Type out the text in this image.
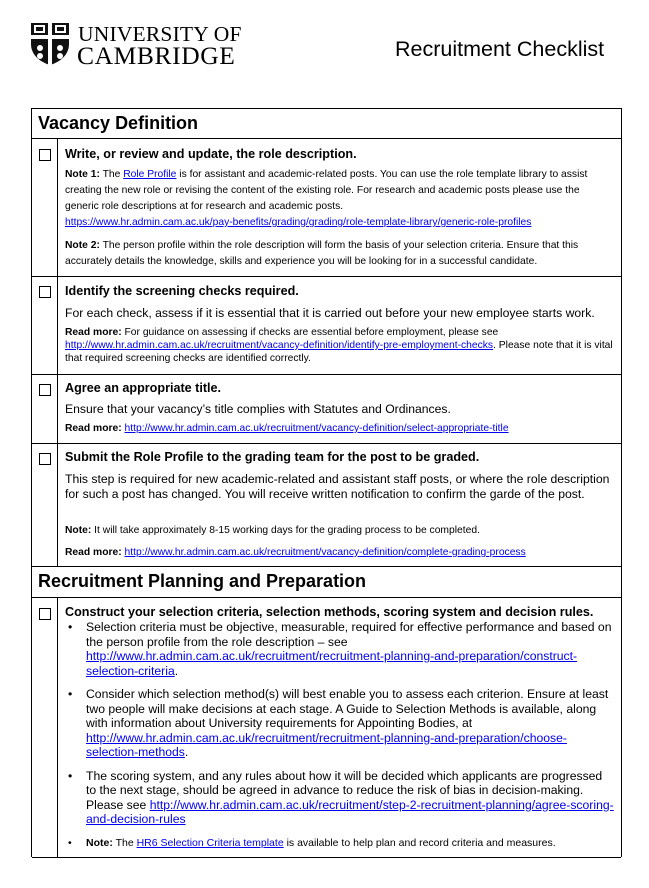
UNIVERSITY OF
CAMBRIDGE	Recruitment Checklist
Vacancy Definition
Write, or review and update, the role description.
Note 1: The Role Profile is for assistant and academic-related posts. You can use the role template library to assist creating the new role or revising the content of the existing role. For research and academic posts please use the generic role descriptions at for research and academic posts.
https://www.hr.admin.cam.ac.uk/pay-benefits/grading/grading/role-template-library/generic-role-profiles
Note 2: The person profile within the role description will form the basis of your selection criteria. Ensure that this accurately details the knowledge, skills and experience you will be looking for in a successful candidate.
Identify the screening checks required.
For each check, assess if it is essential that it is carried out before your new employee starts work.
Read more: For guidance on assessing if checks are essential before employment, please see http://www.hr.admin.cam.ac.uk/recruitment/vacancy-definition/identify-pre-employment-checks. Please note that it is vital that required screening checks are identified correctly.
Agree an appropriate title.
Ensure that your vacancy’s title complies with Statutes and Ordinances.
Read more: http://www.hr.admin.cam.ac.uk/recruitment/vacancy-definition/select-appropriate-title
Submit the Role Profile to the grading team for the post to be graded.
This step is required for new academic-related and assistant staff posts, or where the role description for such a post has changed. You will receive written notification to confirm the garde of the post.
Note: It will take approximately 8-15 working days for the grading process to be completed.
Read more: http://www.hr.admin.cam.ac.uk/recruitment/vacancy-definition/complete-grading-process
Recruitment Planning and Preparation
Construct your selection criteria, selection methods, scoring system and decision rules.
• Selection criteria must be objective, measurable, required for effective performance and based on the person profile from the role description – see http://www.hr.admin.cam.ac.uk/recruitment/recruitment-planning-and-preparation/construct-selection-criteria.
• Consider which selection method(s) will best enable you to assess each criterion. Ensure at least two people will make decisions at each stage. A Guide to Selection Methods is available, along with information about University requirements for Appointing Bodies, at http://www.hr.admin.cam.ac.uk/recruitment/recruitment-planning-and-preparation/choose-selection-methods.
• The scoring system, and any rules about how it will be decided which applicants are progressed to the next stage, should be agreed in advance to reduce the risk of bias in decision-making. Please see http://www.hr.admin.cam.ac.uk/recruitment/step-2-recruitment-planning/agree-scoring-and-decision-rules
• Note: The HR6 Selection Criteria template is available to help plan and record criteria and measures.
